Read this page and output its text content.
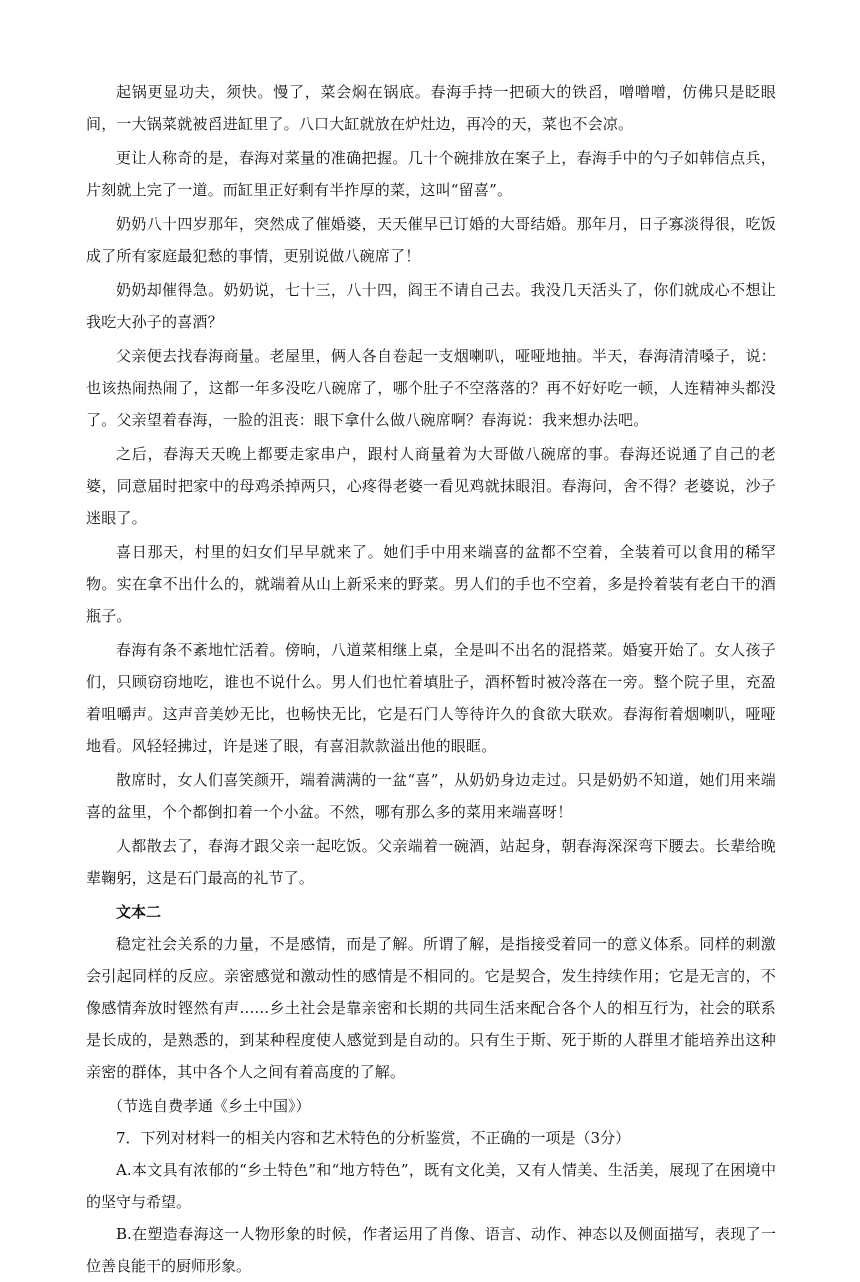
起锅更显功夫，须快。慢了，菜会焖在锅底。春海手持一把硕大的铁舀，噌噌噌，仿佛只是眨眼间，一大锅菜就被舀进缸里了。八口大缸就放在炉灶边，再冷的天，菜也不会凉。

更让人称奇的是，春海对菜量的准确把握。几十个碗排放在案子上，春海手中的勺子如韩信点兵，片刻就上完了一道。而缸里正好剩有半拃厚的菜，这叫“留喜”。

奶奶八十四岁那年，突然成了催婚婆，天天催早已订婚的大哥结婚。那年月，日子寡淡得很，吃饭成了所有家庭最犯愁的事情，更别说做八碗席了！

奶奶却催得急。奶奶说，七十三，八十四，阎王不请自己去。我没几天活头了，你们就成心不想让我吃大孙子的喜酒？

父亲便去找春海商量。老屋里，俩人各自卷起一支烟喇叭，哑哑地抽。半天，春海清清嗓子，说：也该热闹热闹了，这都一年多没吃八碗席了，哪个肚子不空落落的？再不好好吃一顿，人连精神头都没了。父亲望着春海，一脸的沮丧：眼下拿什么做八碗席啊？春海说：我来想办法吧。

之后，春海天天晚上都要走家串户，跟村人商量着为大哥做八碗席的事。春海还说通了自己的老婆，同意届时把家中的母鸡杀掉两只，心疼得老婆一看见鸡就抹眼泪。春海问，舍不得？老婆说，沙子迷眼了。

喜日那天，村里的妇女们早早就来了。她们手中用来端喜的盆都不空着，全装着可以食用的稀罕物。实在拿不出什么的，就端着从山上新采来的野菜。男人们的手也不空着，多是拎着装有老白干的酒瓶子。

春海有条不紊地忙活着。傍晌，八道菜相继上桌，全是叫不出名的混搭菜。婚宴开始了。女人孩子们，只顾窃窃地吃，谁也不说什么。男人们也忙着填肚子，酒杯暂时被冷落在一旁。整个院子里，充盈着咀嚼声。这声音美妙无比，也畅快无比，它是石门人等待许久的食欲大联欢。春海衔着烟喇叭，哑哑地看。风轻轻拂过，许是迷了眼，有喜泪款款溢出他的眼眶。

散席时，女人们喜笑颜开，端着满满的一盆“喜”，从奶奶身边走过。只是奶奶不知道，她们用来端喜的盆里，个个都倒扣着一个小盆。不然，哪有那么多的菜用来端喜呀！

人都散去了，春海才跟父亲一起吃饭。父亲端着一碗酒，站起身，朝春海深深弯下腰去。长辈给晚辈鞠躬，这是石门最高的礼节了。

文本二

稳定社会关系的力量，不是感情，而是了解。所谓了解，是指接受着同一的意义体系。同样的刺激会引起同样的反应。亲密感觉和激动性的感情是不相同的。它是契合，发生持续作用；它是无言的，不像感情奔放时铿然有声......乡土社会是靠亲密和长期的共同生活来配合各个人的相互行为，社会的联系是长成的，是熟悉的，到某种程度使人感觉到是自动的。只有生于斯、死于斯的人群里才能培养出这种亲密的群体，其中各个人之间有着高度的了解。

（节选自费孝通《乡土中国》）

7．下列对材料一的相关内容和艺术特色的分析鉴赏，不正确的一项是（3分）

A.本文具有浓郁的“乡土特色”和“地方特色”，既有文化美，又有人情美、生活美，展现了在困境中的坚守与希望。

B.在塑造春海这一人物形象的时候，作者运用了肖像、语言、动作、神态以及侧面描写，表现了一位善良能干的厨师形象。
